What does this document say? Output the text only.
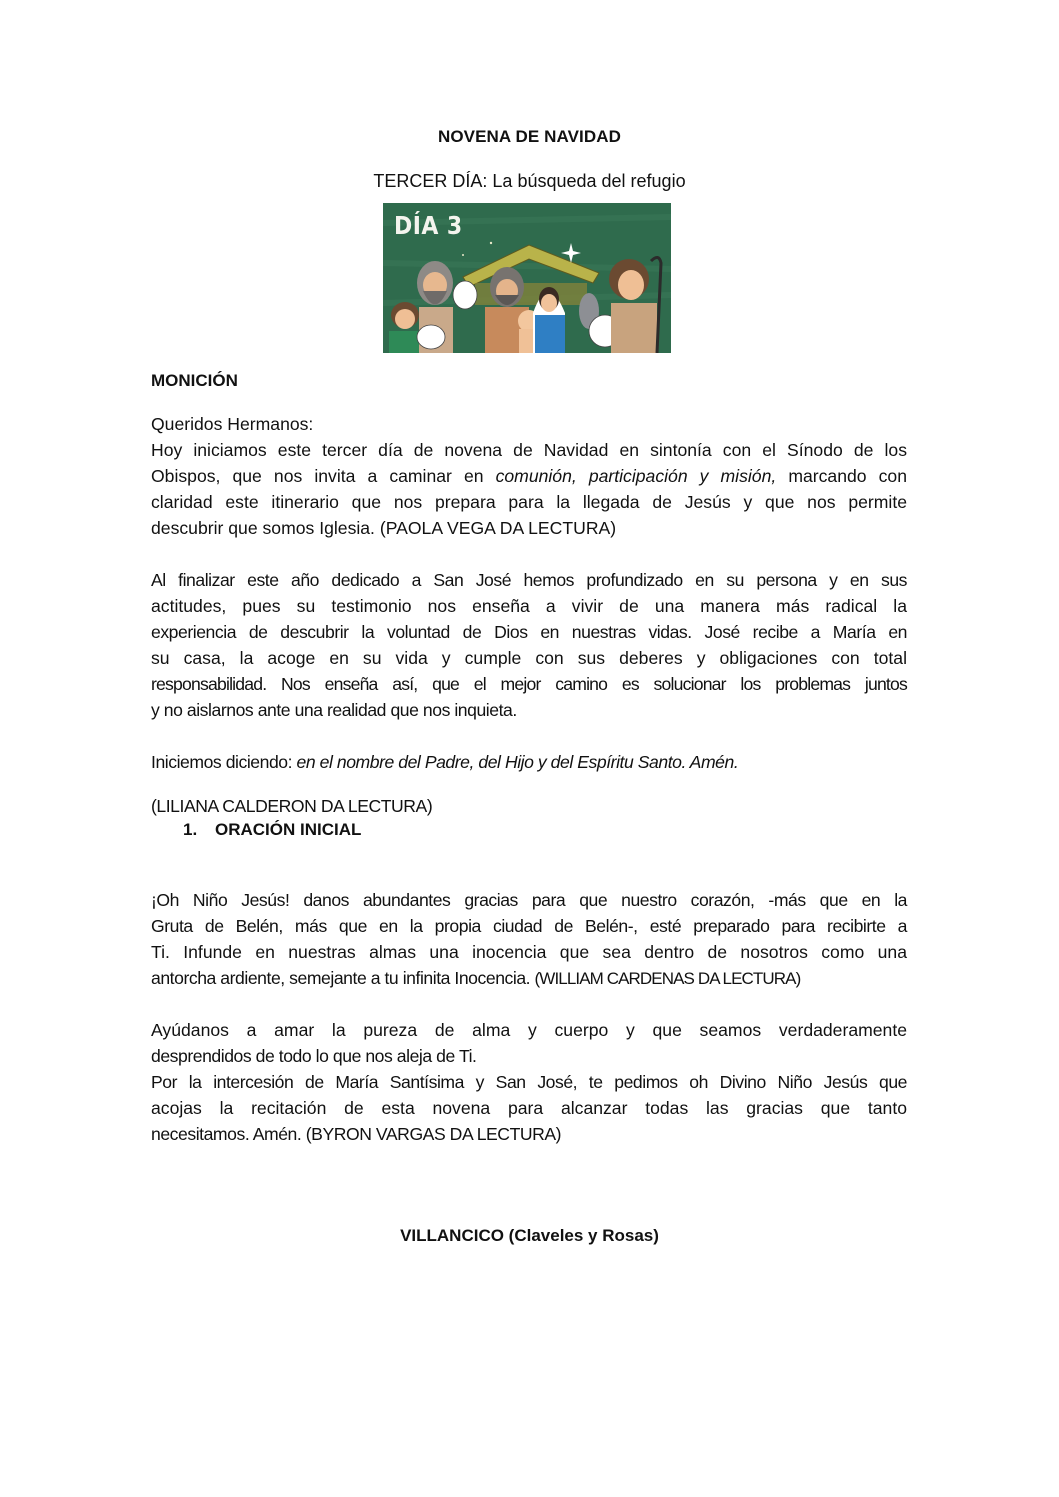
NOVENA DE NAVIDAD
TERCER DÍA: La búsqueda del refugio
DÍA 3
MONICIÓN
Queridos Hermanos:
Hoy iniciamos este tercer día de novena de Navidad en sintonía con el Sínodo de los
Obispos, que nos invita a caminar en comunión, participación y misión, marcando con
claridad este itinerario que nos prepara para la llegada de Jesús y que nos permite
descubrir que somos Iglesia. (PAOLA VEGA DA LECTURA)
Al finalizar este año dedicado a San José hemos profundizado en su persona y en sus
actitudes, pues su testimonio nos enseña a vivir de una manera más radical la
experiencia de descubrir la voluntad de Dios en nuestras vidas. José recibe a María en
su casa, la acoge en su vida y cumple con sus deberes y obligaciones con total
responsabilidad. Nos enseña así, que el mejor camino es solucionar los problemas juntos
y no aislarnos ante una realidad que nos inquieta.
Iniciemos diciendo: en el nombre del Padre, del Hijo y del Espíritu Santo. Amén.
(LILIANA CALDERON DA LECTURA)
1. ORACIÓN INICIAL
¡Oh Niño Jesús! danos abundantes gracias para que nuestro corazón, -más que en la
Gruta de Belén, más que en la propia ciudad de Belén-, esté preparado para recibirte a
Ti. Infunde en nuestras almas una inocencia que sea dentro de nosotros como una
antorcha ardiente, semejante a tu infinita Inocencia. (WILLIAM CARDENAS DA LECTURA)
Ayúdanos a amar la pureza de alma y cuerpo y que seamos verdaderamente
desprendidos de todo lo que nos aleja de Ti.
Por la intercesión de María Santísima y San José, te pedimos oh Divino Niño Jesús que
acojas la recitación de esta novena para alcanzar todas las gracias que tanto
necesitamos. Amén. (BYRON VARGAS DA LECTURA)
VILLANCICO (Claveles y Rosas)
